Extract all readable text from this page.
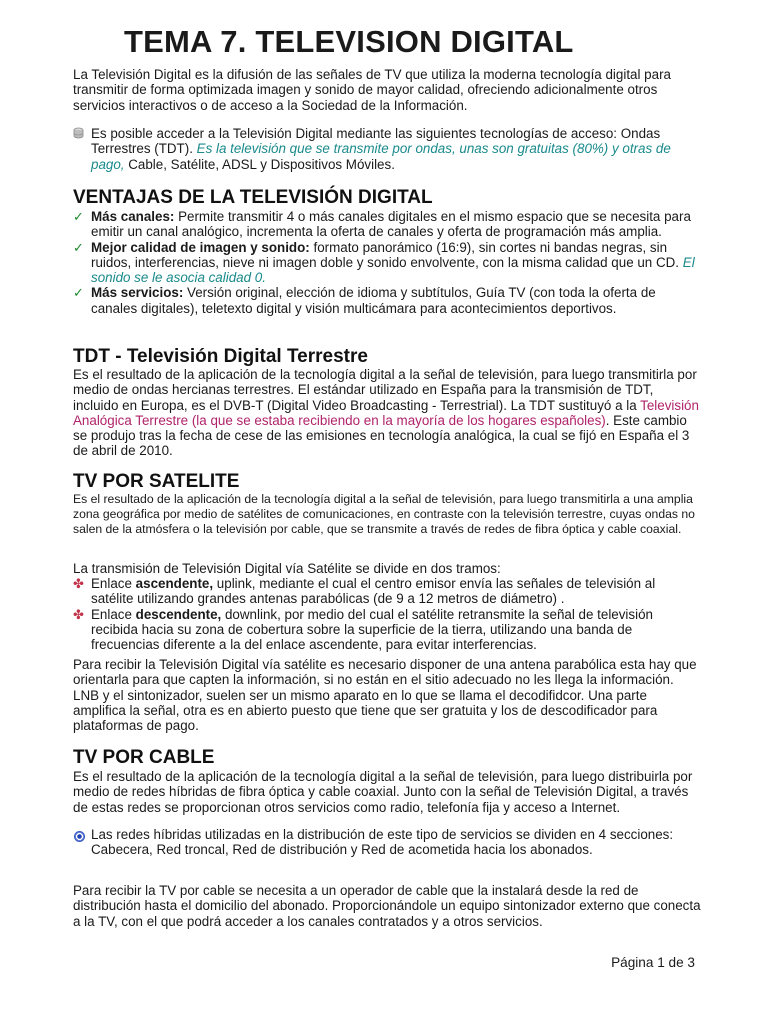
TEMA 7. TELEVISION DIGITAL

La Televisión Digital es la difusión de las señales de TV que utiliza la moderna tecnología digital para transmitir de forma optimizada imagen y sonido de mayor calidad, ofreciendo adicionalmente otros servicios interactivos o de acceso a la Sociedad de la Información.

Es posible acceder a la Televisión Digital mediante las siguientes tecnologías de acceso: Ondas Terrestres (TDT). Es la televisión que se transmite por ondas, unas son gratuitas (80%) y otras de pago, Cable, Satélite, ADSL y Dispositivos Móviles.

VENTAJAS DE LA TELEVISIÓN DIGITAL

✓ Más canales: Permite transmitir 4 o más canales digitales en el mismo espacio que se necesita para emitir un canal analógico, incrementa la oferta de canales y oferta de programación más amplia.

✓ Mejor calidad de imagen y sonido: formato panorámico (16:9), sin cortes ni bandas negras, sin ruidos, interferencias, nieve ni imagen doble y sonido envolvente, con la misma calidad que un CD. El sonido se le asocia calidad 0.

✓ Más servicios: Versión original, elección de idioma y subtítulos, Guía TV (con toda la oferta de canales digitales), teletexto digital y visión multicámara para acontecimientos deportivos.

TDT - Televisión Digital Terrestre

Es el resultado de la aplicación de la tecnología digital a la señal de televisión, para luego transmitirla por medio de ondas hercianas terrestres. El estándar utilizado en España para la transmisión de TDT, incluido en Europa, es el DVB-T (Digital Video Broadcasting - Terrestrial). La TDT sustituyó a la Televisión Analógica Terrestre (la que se estaba recibiendo en la mayoría de los hogares españoles). Este cambio se produjo tras la fecha de cese de las emisiones en tecnología analógica, la cual se fijó en España el 3 de abril de 2010.

TV POR SATELITE

Es el resultado de la aplicación de la tecnología digital a la señal de televisión, para luego transmitirla a una amplia zona geográfica por medio de satélites de comunicaciones, en contraste con la televisión terrestre, cuyas ondas no salen de la atmósfera o la televisión por cable, que se transmite a través de redes de fibra óptica y cable coaxial.

La transmisión de Televisión Digital vía Satélite se divide en dos tramos:

✤ Enlace ascendente, uplink, mediante el cual el centro emisor envía las señales de televisión al satélite utilizando grandes antenas parabólicas (de 9 a 12 metros de diámetro) .

✤ Enlace descendente, downlink, por medio del cual el satélite retransmite la señal de televisión recibida hacia su zona de cobertura sobre la superficie de la tierra, utilizando una banda de frecuencias diferente a la del enlace ascendente, para evitar interferencias.

Para recibir la Televisión Digital vía satélite es necesario disponer de una antena parabólica esta hay que orientarla para que capten la información, si no están en el sitio adecuado no les llega la información. LNB y el sintonizador, suelen ser un mismo aparato en lo que se llama el decodifidcor. Una parte amplifica la señal, otra es en abierto puesto que tiene que ser gratuita y los de descodificador para plataformas de pago.

TV POR CABLE

Es el resultado de la aplicación de la tecnología digital a la señal de televisión, para luego distribuirla por medio de redes híbridas de fibra óptica y cable coaxial. Junto con la señal de Televisión Digital, a través de estas redes se proporcionan otros servicios como radio, telefonía fija y acceso a Internet.

Las redes híbridas utilizadas en la distribución de este tipo de servicios se dividen en 4 secciones: Cabecera, Red troncal, Red de distribución y Red de acometida hacia los abonados.

Para recibir la TV por cable se necesita a un operador de cable que la instalará desde la red de distribución hasta el domicilio del abonado. Proporcionándole un equipo sintonizador externo que conecta a la TV, con el que podrá acceder a los canales contratados y a otros servicios.

Página 1 de 3
